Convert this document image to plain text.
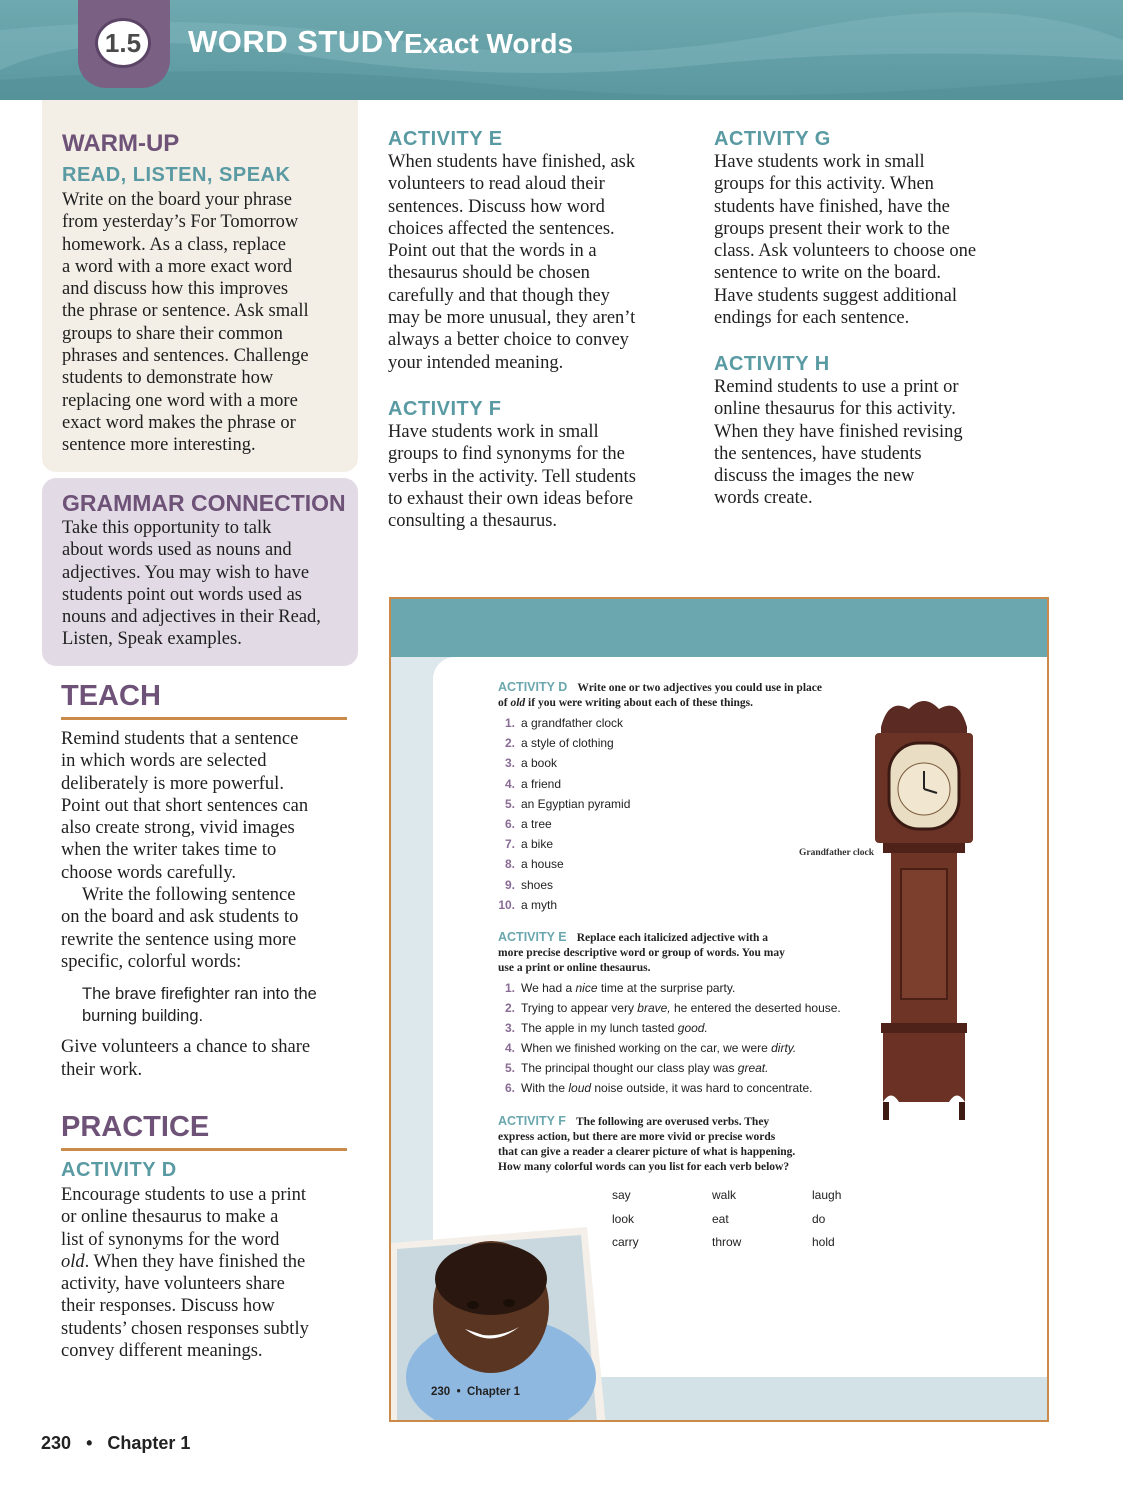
1.5	WORD STUDY Exact Words
WARM-UP
READ, LISTEN, SPEAK
Write on the board your phrase
from yesterday’s For Tomorrow
homework. As a class, replace
a word with a more exact word
and discuss how this improves
the phrase or sentence. Ask small
groups to share their common
phrases and sentences. Challenge
students to demonstrate how
replacing one word with a more
exact word makes the phrase or
sentence more interesting.
GRAMMAR CONNECTION
Take this opportunity to talk
about words used as nouns and
adjectives. You may wish to have
students point out words used as
nouns and adjectives in their Read,
Listen, Speak examples.
TEACH
Remind students that a sentence
in which words are selected
deliberately is more powerful.
Point out that short sentences can
also create strong, vivid images
when the writer takes time to
choose words carefully.
Write the following sentence
on the board and ask students to
rewrite the sentence using more
specific, colorful words:
The brave firefighter ran into the
burning building.
Give volunteers a chance to share
their work.
PRACTICE
ACTIVITY D
Encourage students to use a print
or online thesaurus to make a
list of synonyms for the word
old. When they have finished the
activity, have volunteers share
their responses. Discuss how
students’ chosen responses subtly
convey different meanings.
ACTIVITY E
When students have finished, ask
volunteers to read aloud their
sentences. Discuss how word
choices affected the sentences.
Point out that the words in a
thesaurus should be chosen
carefully and that though they
may be more unusual, they aren’t
always a better choice to convey
your intended meaning.
ACTIVITY F
Have students work in small
groups to find synonyms for the
verbs in the activity. Tell students
to exhaust their own ideas before
consulting a thesaurus.
ACTIVITY G
Have students work in small
groups for this activity. When
students have finished, have the
groups present their work to the
class. Ask volunteers to choose one
sentence to write on the board.
Have students suggest additional
endings for each sentence.
ACTIVITY H
Remind students to use a print or
online thesaurus for this activity.
When they have finished revising
the sentences, have students
discuss the images the new
words create.
ACTIVITY D Write one or two adjectives you could use in place
of old if you were writing about each of these things.
1. a grandfather clock
2. a style of clothing
3. a book
4. a friend
5. an Egyptian pyramid
6. a tree
7. a bike
8. a house
9. shoes
10. a myth
Grandfather clock
ACTIVITY E Replace each italicized adjective with a
more precise descriptive word or group of words. You may
use a print or online thesaurus.
1. We had a nice time at the surprise party.
2. Trying to appear very brave, he entered the deserted house.
3. The apple in my lunch tasted good.
4. When we finished working on the car, we were dirty.
5. The principal thought our class play was great.
6. With the loud noise outside, it was hard to concentrate.
ACTIVITY F The following are overused verbs. They
express action, but there are more vivid or precise words
that can give a reader a clearer picture of what is happening.
How many colorful words can you list for each verb below?
say	walk	laugh
look	eat	do
carry	throw	hold
230 • Chapter 1
230 • Chapter 1
